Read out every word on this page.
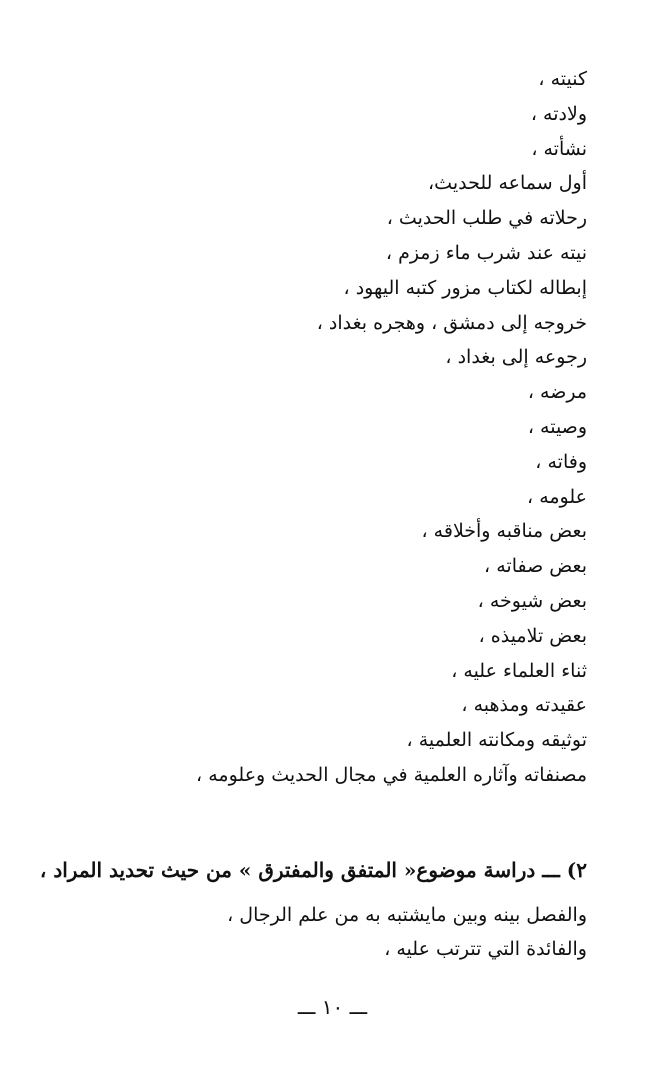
كنيته ،
ولادته ،
نشأته ،
أول سماعه للحديث،
رحلاته في طلب الحديث ،
نيته عند شرب ماء زمزم ،
إبطاله لكتاب مزور كتبه اليهود ،
خروجه إلى دمشق ، وهجره بغداد ،
رجوعه إلى بغداد ،
مرضه ،
وصيته ،
وفاته ،
علومه ،
بعض مناقبه وأخلاقه ،
بعض صفاته ،
بعض شيوخه ،
بعض تلاميذه ،
ثناء العلماء عليه ،
عقيدته ومذهبه ،
توثيقه ومكانته العلمية ،
مصنفاته وآثاره العلمية في مجال الحديث وعلومه ،
٢) ـــ دراسة موضوع« المتفق والمفترق » من حيث تحديد المراد ،
والفصل بينه وبين مايشتبه به من علم الرجال ،
والفائدة التي تترتب عليه ،
ـــ ١٠ ـــ
